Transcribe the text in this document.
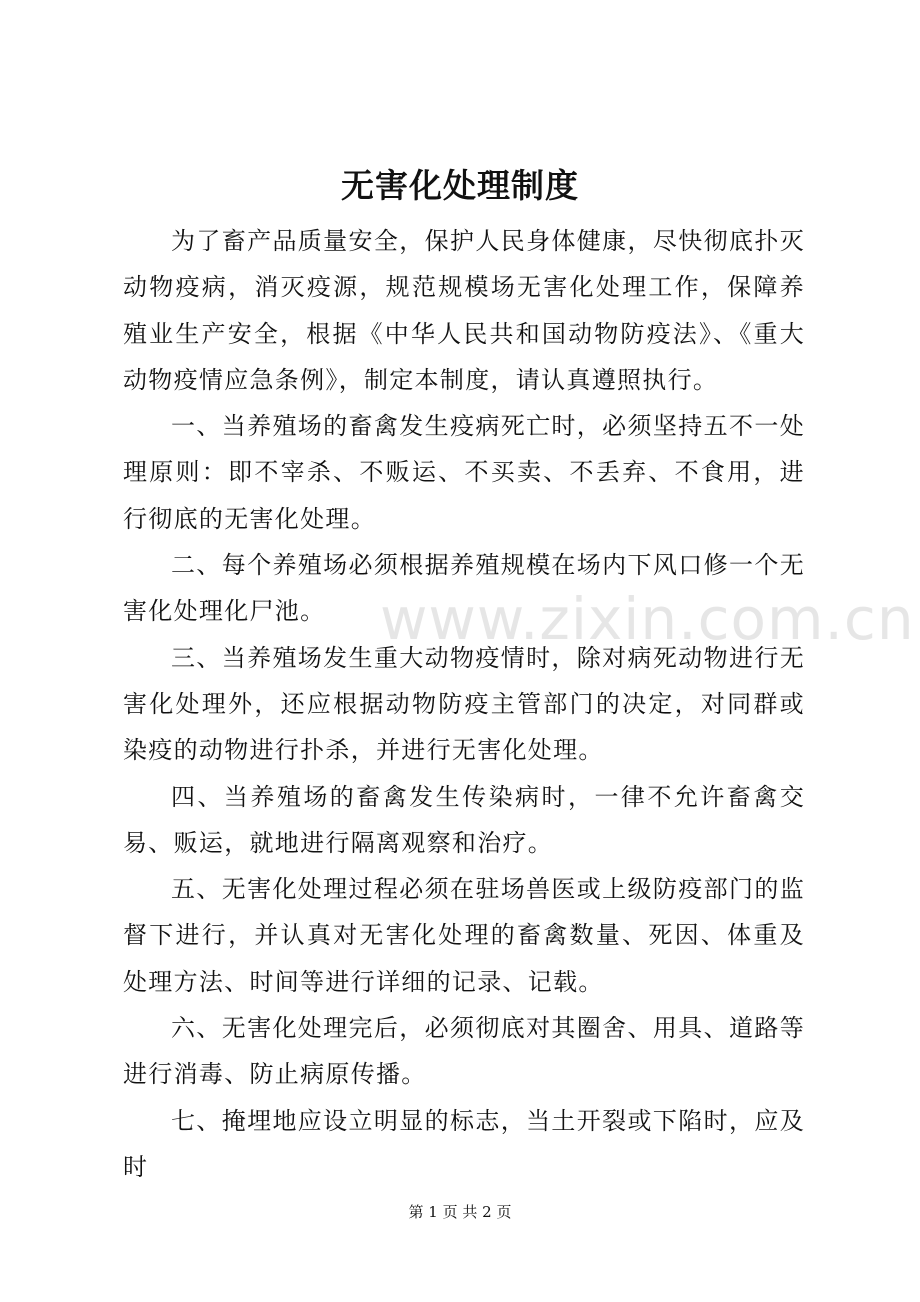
www.zixin.com.cn
无害化处理制度

为了畜产品质量安全，保护人民身体健康，尽快彻底扑灭动物疫病，消灭疫源，规范规模场无害化处理工作，保障养殖业生产安全，根据《中华人民共和国动物防疫法》、《重大动物疫情应急条例》，制定本制度，请认真遵照执行。

一、当养殖场的畜禽发生疫病死亡时，必须坚持五不一处理原则：即不宰杀、不贩运、不买卖、不丢弃、不食用，进行彻底的无害化处理。

二、每个养殖场必须根据养殖规模在场内下风口修一个无害化处理化尸池。

三、当养殖场发生重大动物疫情时，除对病死动物进行无害化处理外，还应根据动物防疫主管部门的决定，对同群或染疫的动物进行扑杀，并进行无害化处理。

四、当养殖场的畜禽发生传染病时，一律不允许畜禽交易、贩运，就地进行隔离观察和治疗。

五、无害化处理过程必须在驻场兽医或上级防疫部门的监督下进行，并认真对无害化处理的畜禽数量、死因、体重及处理方法、时间等进行详细的记录、记载。

六、无害化处理完后，必须彻底对其圈舍、用具、道路等进行消毒、防止病原传播。

七、掩埋地应设立明显的标志，当土开裂或下陷时，应及时

第 1 页 共 2 页
